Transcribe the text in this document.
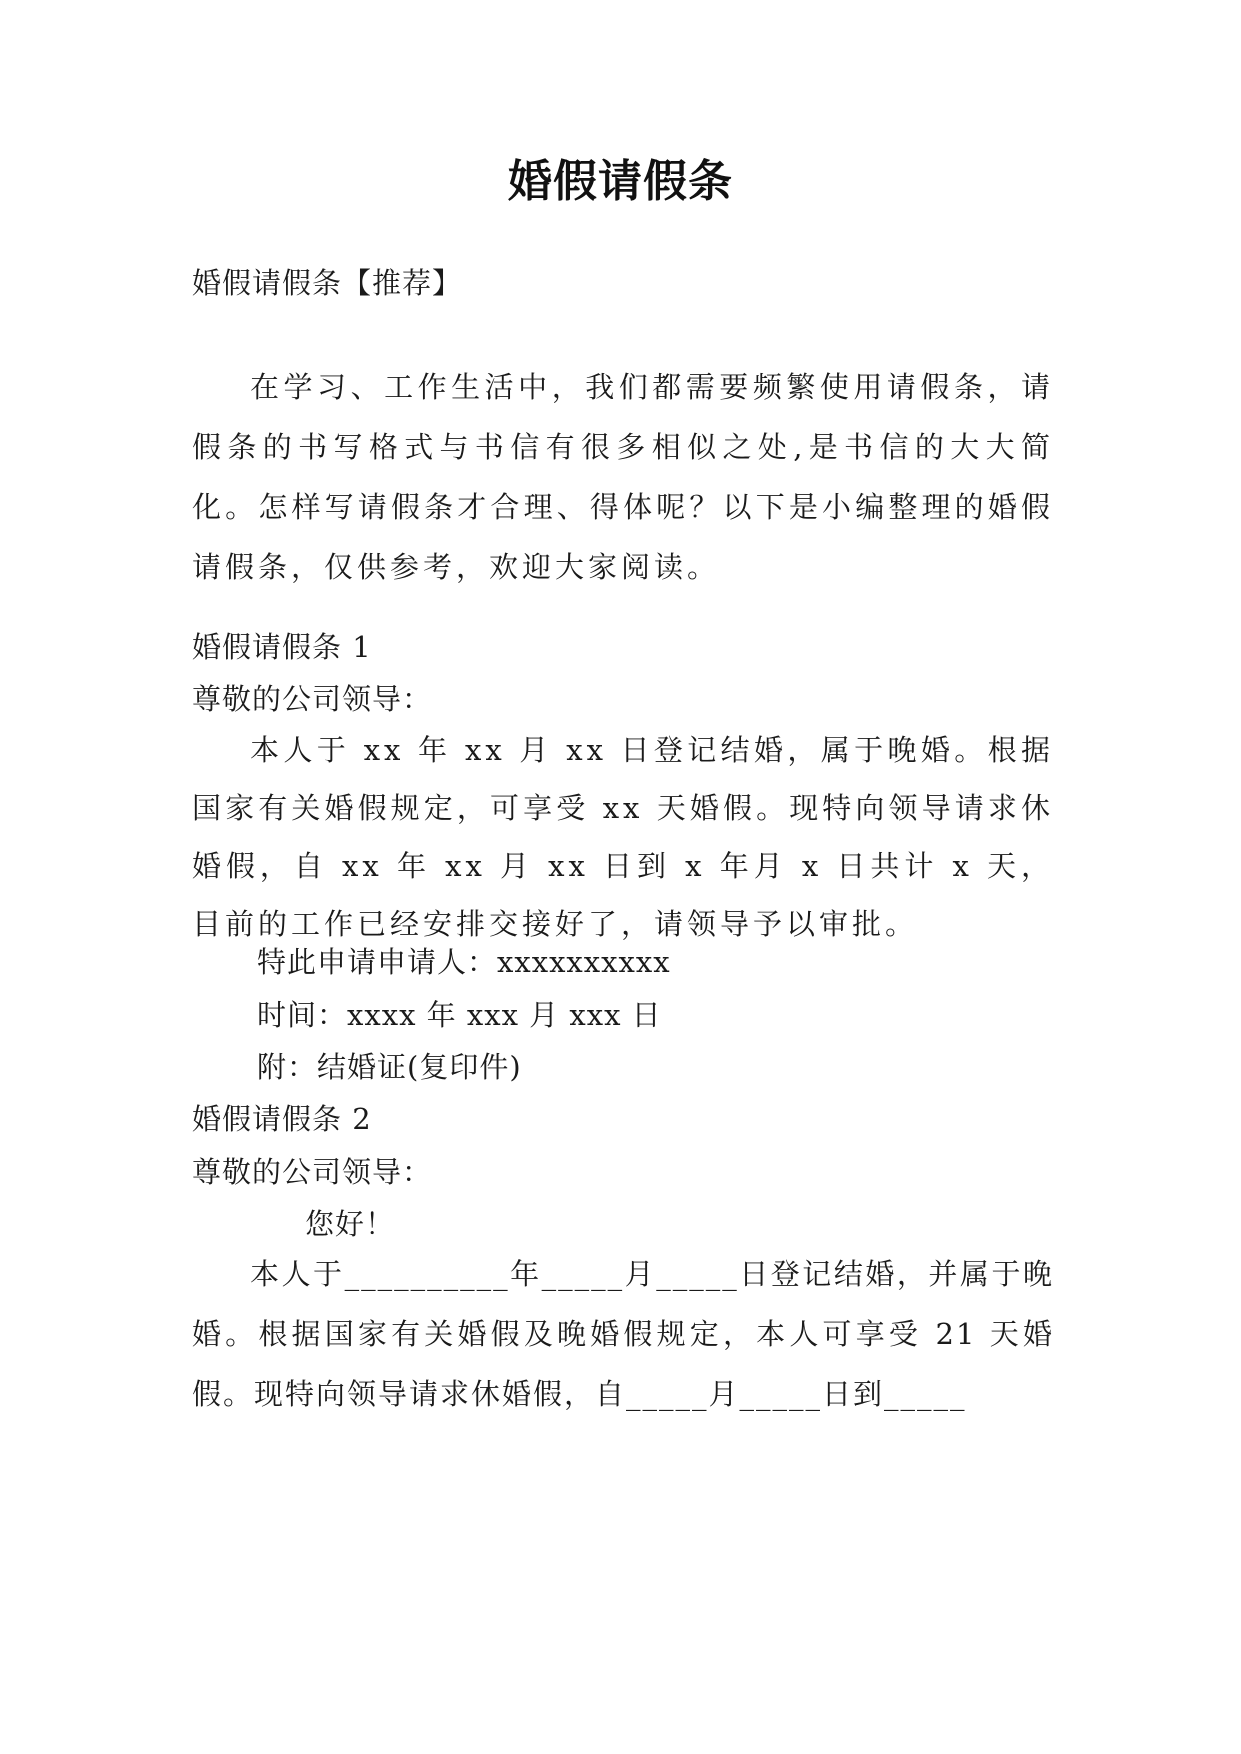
婚假请假条
婚假请假条【推荐】
在学习、工作生活中，我们都需要频繁使用请假条，请假条的书写格式与书信有很多相似之处,是书信的大大简化。怎样写请假条才合理、得体呢？以下是小编整理的婚假请假条，仅供参考，欢迎大家阅读。
婚假请假条 1
尊敬的公司领导：
本人于 xx 年 xx 月 xx 日登记结婚，属于晚婚。根据国家有关婚假规定，可享受 xx 天婚假。现特向领导请求休婚假，自 xx 年 xx 月 xx 日到 x 年月 x 日共计 x 天，目前的工作已经安排交接好了，请领导予以审批。
特此申请申请人：xxxxxxxxxx
时间：xxxx 年 xxx 月 xxx 日
附：结婚证(复印件)
婚假请假条 2
尊敬的公司领导：
您好！
本人于__________年_____月_____日登记结婚，并属于晚婚。根据国家有关婚假及晚婚假规定，本人可享受 21 天婚假。现特向领导请求休婚假，自_____月_____日到_____
